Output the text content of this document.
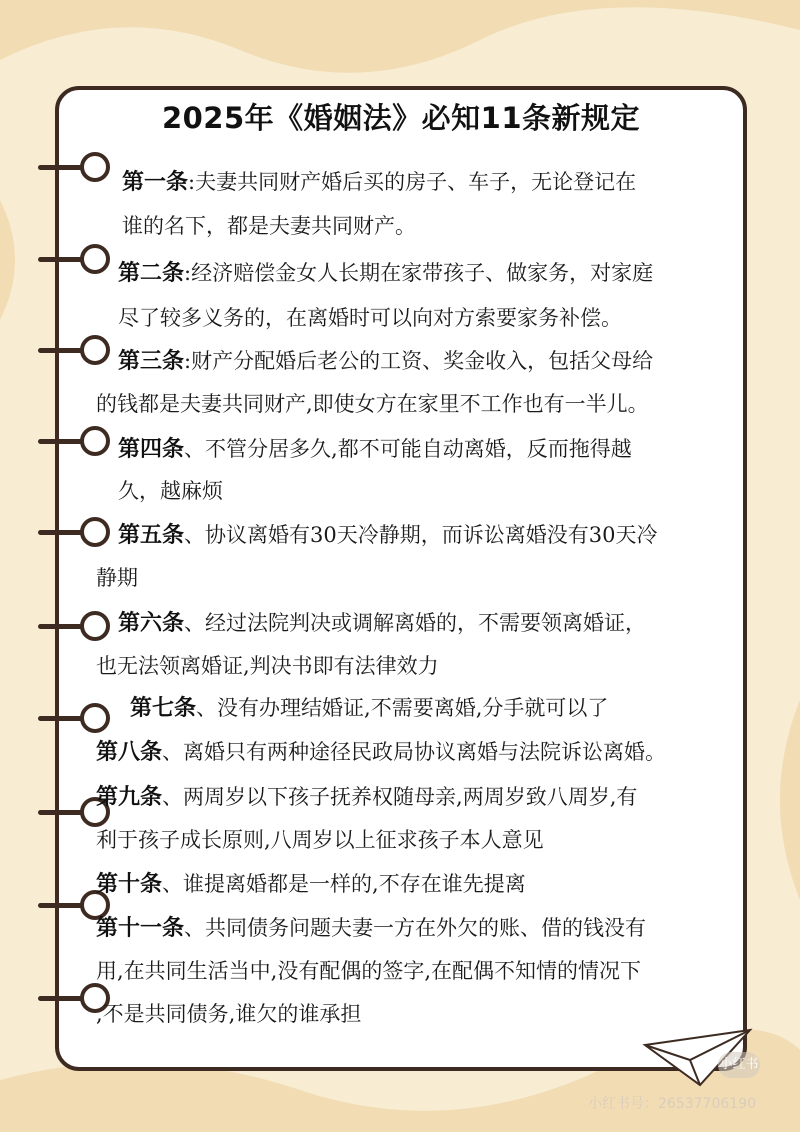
2025年《婚姻法》必知11条新规定
第一条:夫妻共同财产婚后买的房子、车子，无论登记在
谁的名下，都是夫妻共同财产。
第二条:经济赔偿金女人长期在家带孩子、做家务，对家庭
尽了较多义务的，在离婚时可以向对方索要家务补偿。
第三条:财产分配婚后老公的工资、奖金收入，包括父母给
的钱都是夫妻共同财产,即使女方在家里不工作也有一半儿。
第四条、不管分居多久,都不可能自动离婚，反而拖得越
久，越麻烦
第五条、协议离婚有30天冷静期，而诉讼离婚没有30天冷
静期
第六条、经过法院判决或调解离婚的，不需要领离婚证，
也无法领离婚证,判决书即有法律效力
第七条、没有办理结婚证,不需要离婚,分手就可以了
第八条、离婚只有两种途径民政局协议离婚与法院诉讼离婚。
第九条、两周岁以下孩子抚养权随母亲,两周岁致八周岁,有
利于孩子成长原则,八周岁以上征求孩子本人意见
第十条、谁提离婚都是一样的,不存在谁先提离
第十一条、共同债务问题夫妻一方在外欠的账、借的钱没有
用,在共同生活当中,没有配偶的签字,在配偶不知情的情况下
,不是共同债务,谁欠的谁承担
小红书
小红书号：26537706190
